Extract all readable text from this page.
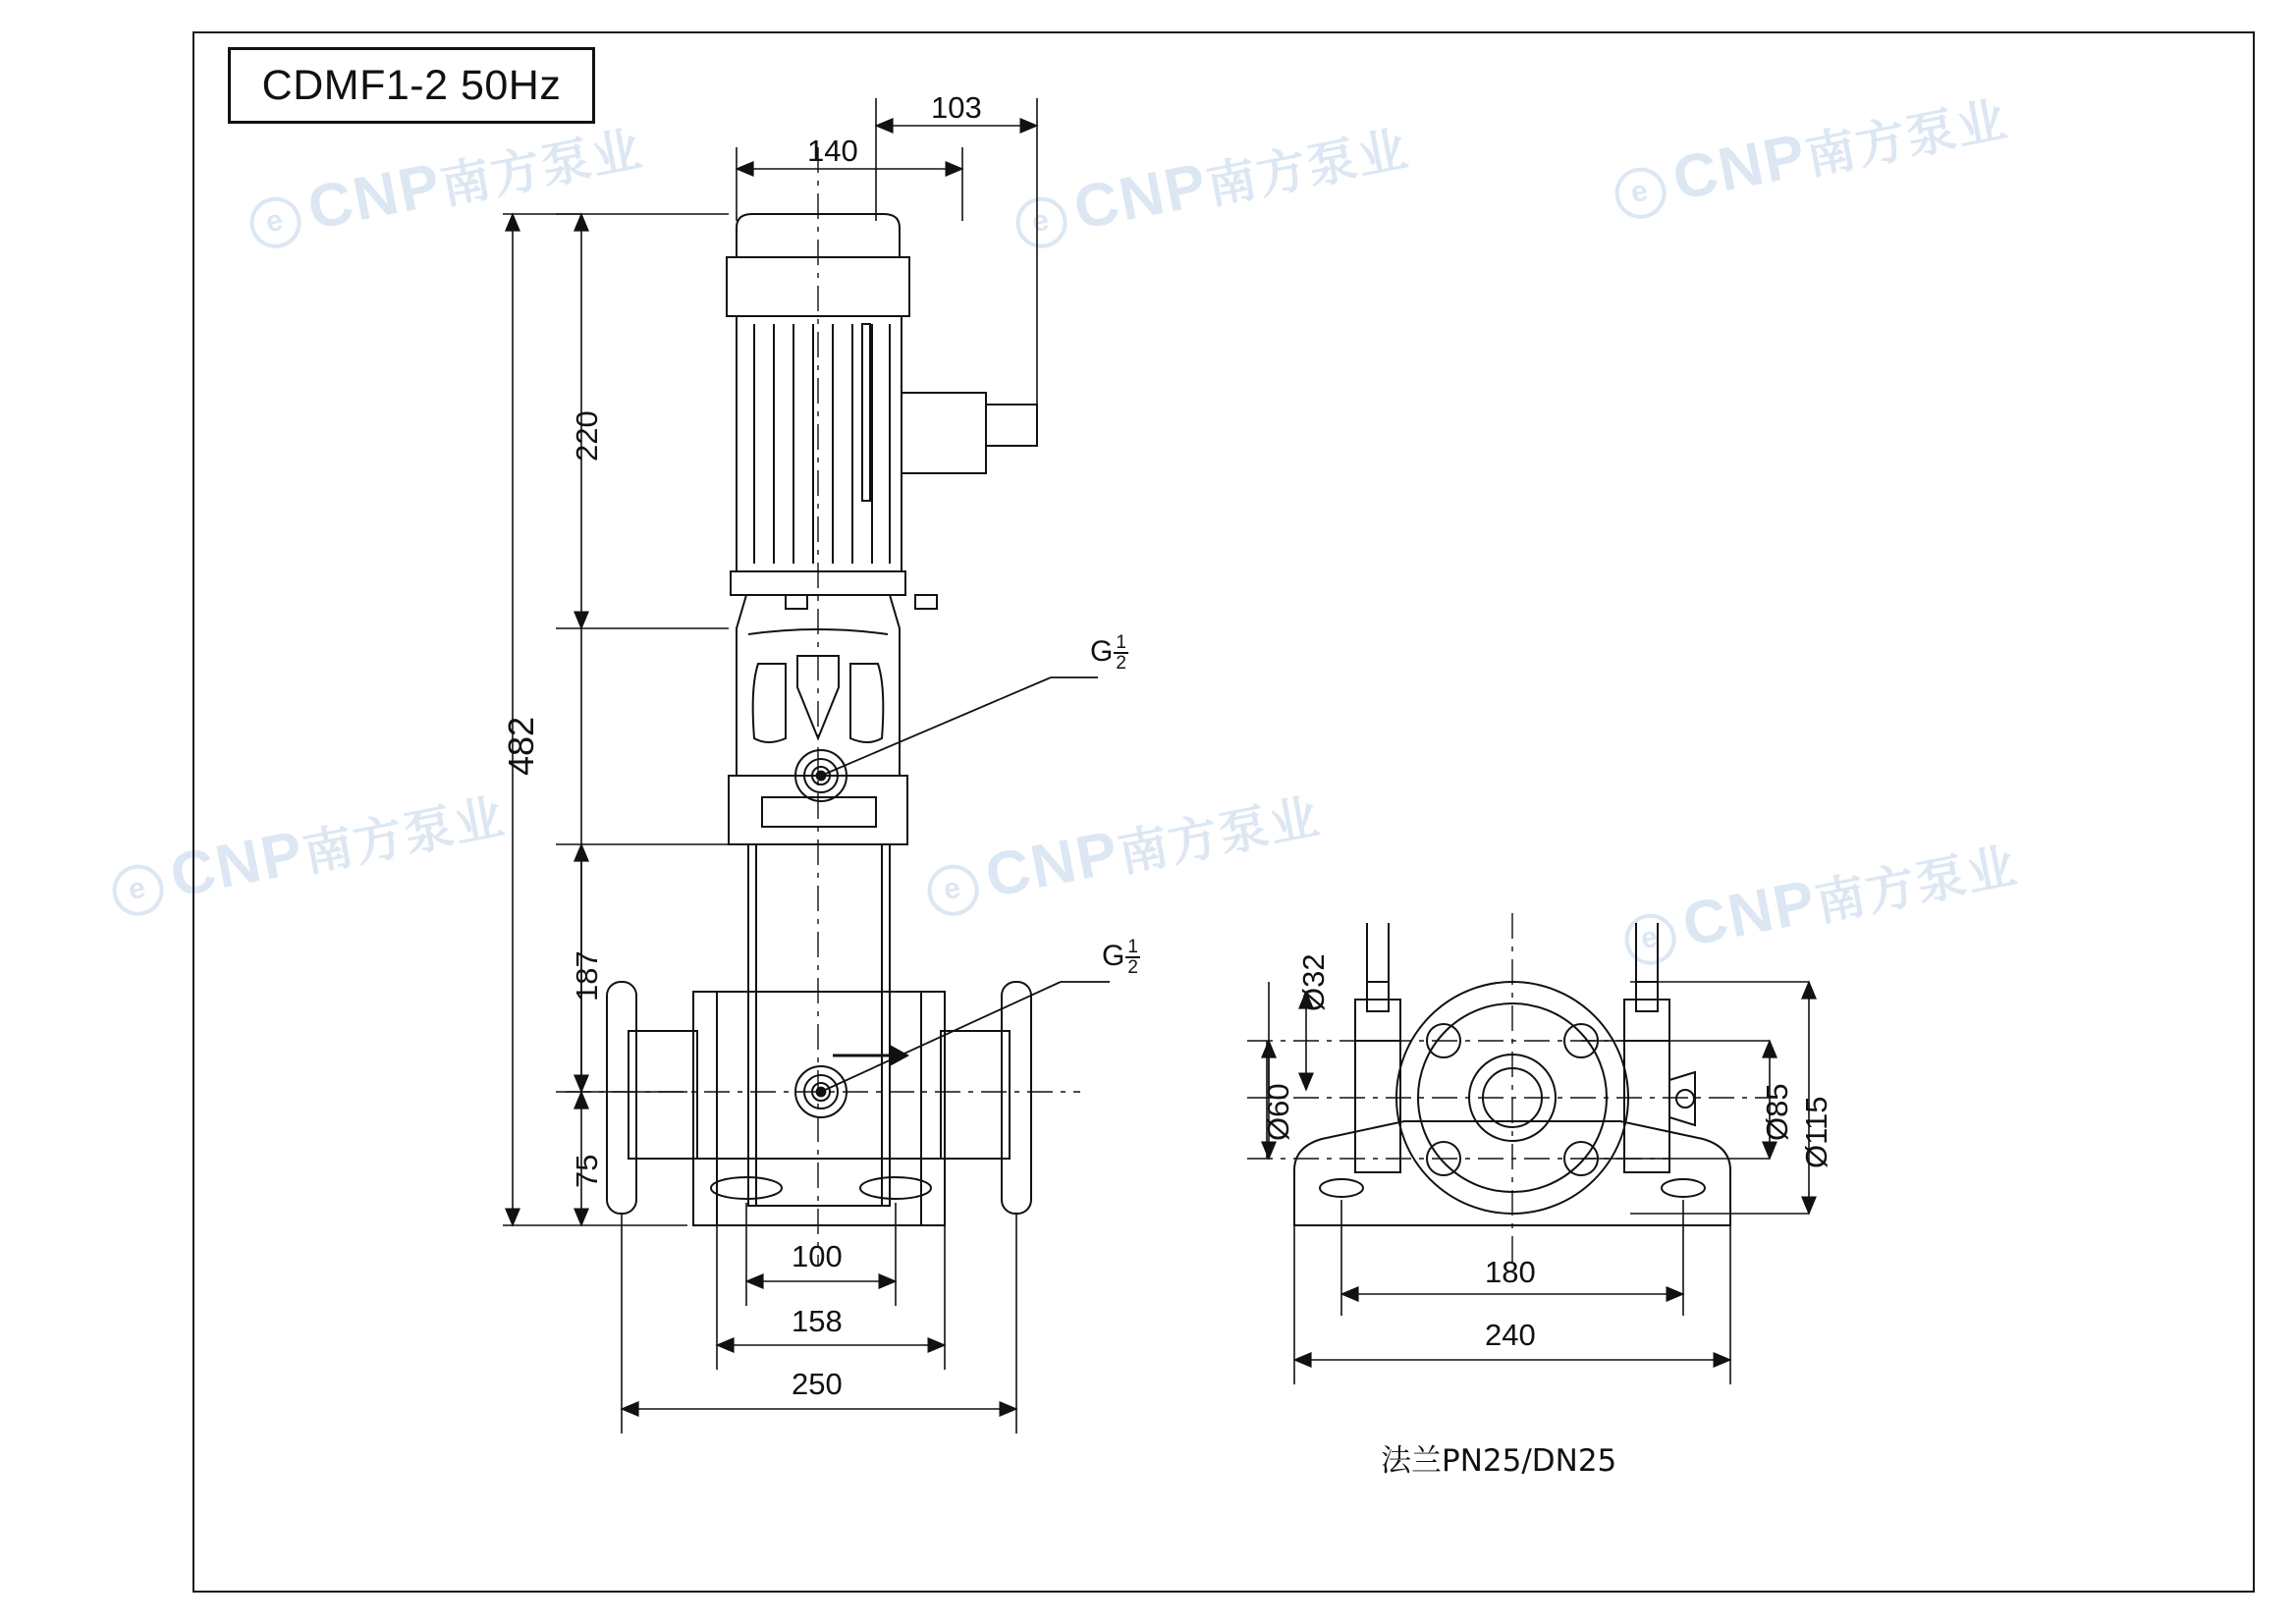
e CNP南方泵业
e CNP南方泵业	e CNP南方泵业
e CNP南方泵业
e CNP南方泵业
e CNP南方泵业
CDMF1-2 50Hz	103
140
220
482
187
75
100
158
250
G $\frac{1}{2}$
G $\frac{1}{2}$	Ø32
Ø60	Ø85 Ø115
180
240
法兰PN25/DN25
